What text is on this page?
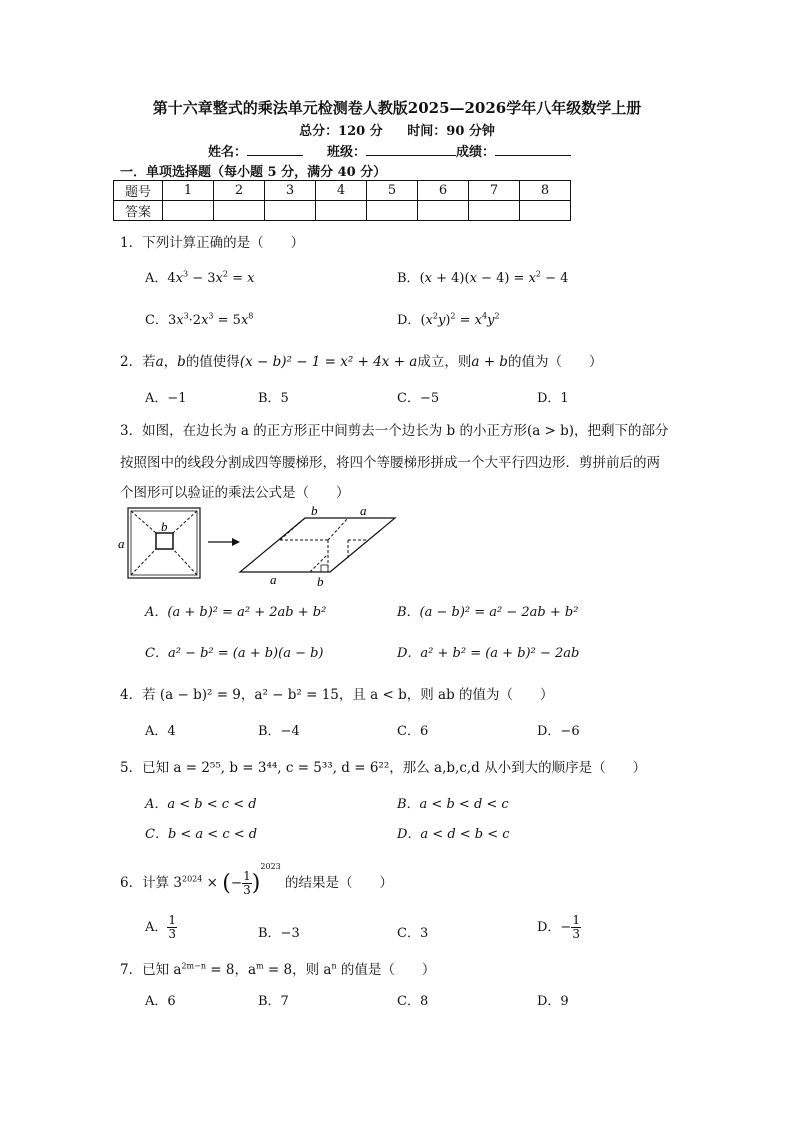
第十六章整式的乘法单元检测卷人教版2025—2026学年八年级数学上册
总分：120 分 时间：90 分钟
姓名：	班级：	成绩：
一．单项选择题（每小题 5 分，满分 40 分）
题号	1	2	3	4	5	6	7	8
答案								
1．下列计算正确的是（　　）
A．$4x^3 - 3x^2 = x$	B．$(x + 4)(x - 4) = x^2 - 4$
C．$3x^3\cdot 2x^3 = 5x^8$	D．$(x^2y)^2 = x^4y^2$
2．若a，b的值使得(x − b)² − 1 = x² + 4x + a成立，则a + b的值为（　　）
A．−1	B．5	C．−5	D．1
3．如图，在边长为 a 的正方形正中间剪去一个边长为 b 的小正方形(a > b)，把剩下的部分
按照图中的线段分割成四等腰梯形，将四个等腰梯形拼成一个大平行四边形．剪拼前后的两
个图形可以验证的乘法公式是（　　）
a
b
b	a
a	b
A．(a + b)² = a² + 2ab + b²	B．(a − b)² = a² − 2ab + b²
C．a² − b² = (a + b)(a − b)	D．a² + b² = (a + b)² − 2ab
4．若 (a − b)² = 9，a² − b² = 15，且 a < b，则 ab 的值为（　　）
A．4	B．−4	C．6	D．−6
5．已知 a = 2⁵⁵, b = 3⁴⁴, c = 5³³, d = 6²²，那么 a,b,c,d 从小到大的顺序是（　　）
A．a < b < c < d	B．a < b < d < c
C．b < a < c < d	D．a < d < b < c
6．计算 $3^{2024}$ × (− $\frac{1}{3} )^{2023}$ 的结果是（　　）
A． $\frac{1}{3}$	B．−3	C．3	D．− $\frac{1}{3}$
7．已知 $a^{2m-n} = 8$，$a^m = 8$，则 $a^n$ 的值是（　　）
A．6	B．7	C．8	D．9
